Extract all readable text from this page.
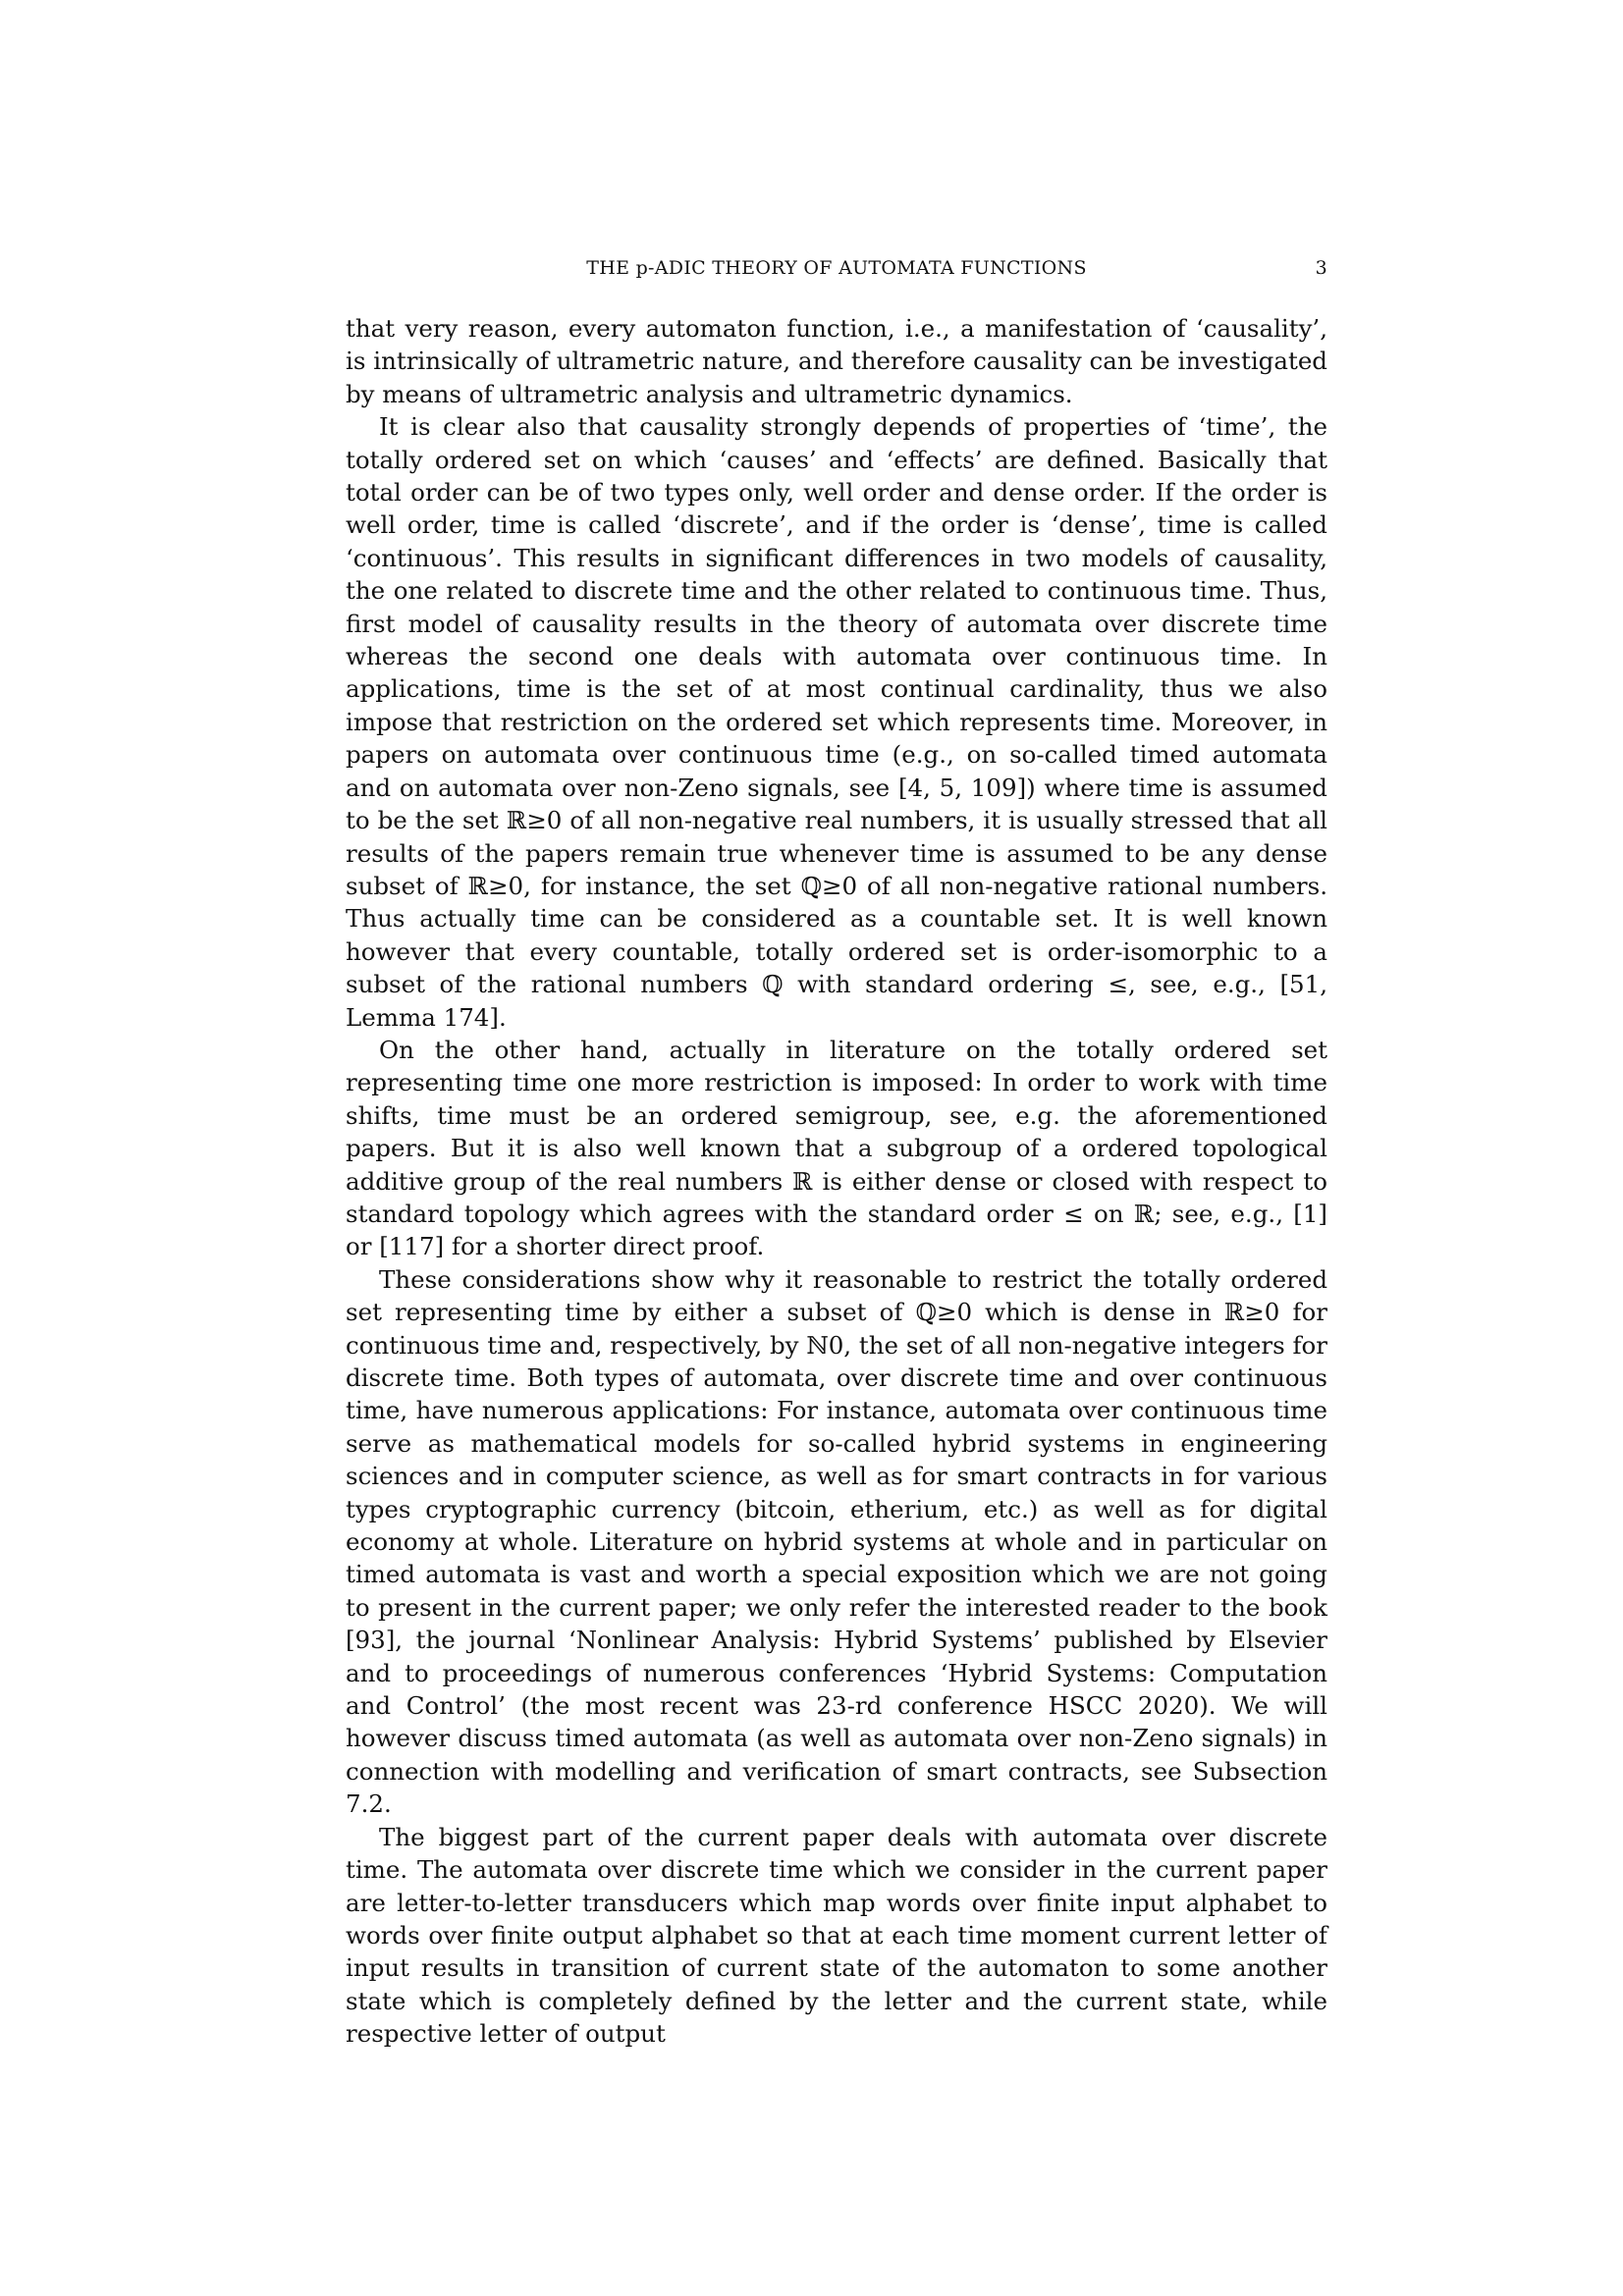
THE p-ADIC THEORY OF AUTOMATA FUNCTIONS	3

that very reason, every automaton function, i.e., a manifestation of ‘causality’, is intrinsically of ultrametric nature, and therefore causality can be investigated by means of ultrametric analysis and ultrametric dynamics.

It is clear also that causality strongly depends of properties of ‘time’, the totally ordered set on which ‘causes’ and ‘effects’ are defined. Basically that total order can be of two types only, well order and dense order. If the order is well order, time is called ‘discrete’, and if the order is ‘dense’, time is called ‘continuous’. This results in significant differences in two models of causality, the one related to discrete time and the other related to continuous time. Thus, first model of causality results in the theory of automata over discrete time whereas the second one deals with automata over continuous time. In applications, time is the set of at most continual cardinality, thus we also impose that restriction on the ordered set which represents time. Moreover, in papers on automata over continuous time (e.g., on so-called timed automata and on automata over non-Zeno signals, see [4, 5, 109]) where time is assumed to be the set ℝ≥0 of all non-negative real numbers, it is usually stressed that all results of the papers remain true whenever time is assumed to be any dense subset of ℝ≥0, for instance, the set ℚ≥0 of all non-negative rational numbers. Thus actually time can be considered as a countable set. It is well known however that every countable, totally ordered set is order-isomorphic to a subset of the rational numbers ℚ with standard ordering ≤, see, e.g., [51, Lemma 174].

On the other hand, actually in literature on the totally ordered set representing time one more restriction is imposed: In order to work with time shifts, time must be an ordered semigroup, see, e.g. the aforementioned papers. But it is also well known that a subgroup of a ordered topological additive group of the real numbers ℝ is either dense or closed with respect to standard topology which agrees with the standard order ≤ on ℝ; see, e.g., [1] or [117] for a shorter direct proof.

These considerations show why it reasonable to restrict the totally ordered set representing time by either a subset of ℚ≥0 which is dense in ℝ≥0 for continuous time and, respectively, by ℕ0, the set of all non-negative integers for discrete time. Both types of automata, over discrete time and over continuous time, have numerous applications: For instance, automata over continuous time serve as mathematical models for so-called hybrid systems in engineering sciences and in computer science, as well as for smart contracts in for various types cryptographic currency (bitcoin, etherium, etc.) as well as for digital economy at whole. Literature on hybrid systems at whole and in particular on timed automata is vast and worth a special exposition which we are not going to present in the current paper; we only refer the interested reader to the book [93], the journal ‘Nonlinear Analysis: Hybrid Systems’ published by Elsevier and to proceedings of numerous conferences ‘Hybrid Systems: Computation and Control’ (the most recent was 23-rd conference HSCC 2020). We will however discuss timed automata (as well as automata over non-Zeno signals) in connection with modelling and verification of smart contracts, see Subsection 7.2.

The biggest part of the current paper deals with automata over discrete time. The automata over discrete time which we consider in the current paper are letter-to-letter transducers which map words over finite input alphabet to words over finite output alphabet so that at each time moment current letter of input results in transition of current state of the automaton to some another state which is completely defined by the letter and the current state, while respective letter of output
